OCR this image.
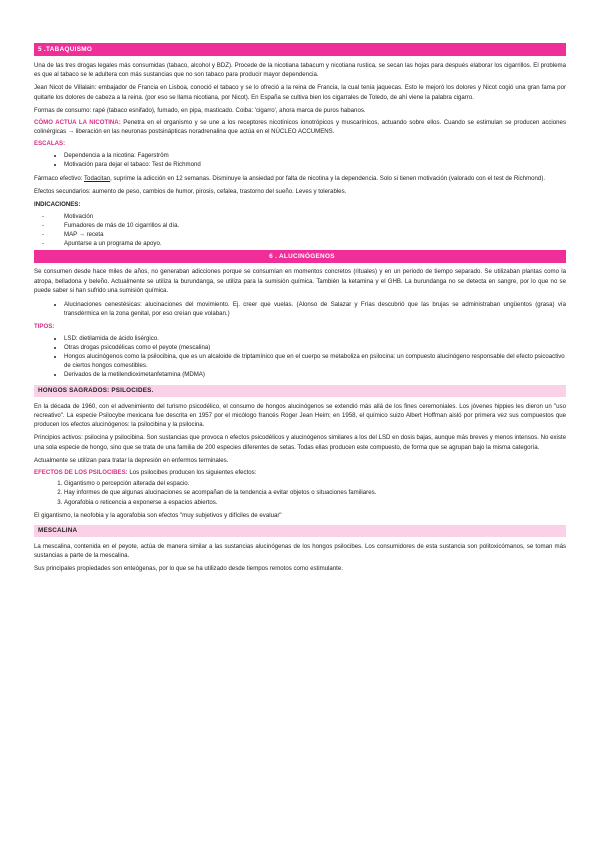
5 .TABAQUISMO

Una de las tres drogas legales más consumidas (tabaco, alcohol y BDZ). Procede de la nicotiana tabacum y nicotiana rustica, se secan las hojas para después elaborar los cigarrillos. El problema es que al tabaco se le adultera con más sustancias que no son tabaco para producir mayor dependencia.

Jean Nicot de Villalain: embajador de Francia en Lisboa, conoció el tabaco y se lo ofreció a la reina de Francia, la cual tenía jaquecas. Esto le mejoró los dolores y Nicot cogió una gran fama por quitarle los dolores de cabeza a la reina. (por eso se llama nicotiana, por Nicot). En España se cultiva bien los cigarrales de Toledo, de ahí viene la palabra cigarro.

Formas de consumo: rapé (tabaco esnifado), fumado, en pipa, masticado. Coiba: 'cigarro', ahora marca de puros habanos.

CÓMO ACTUA LA NICOTINA: Penetra en el organismo y se une a los receptores nicotínicos ionotrópicos y muscarínicos, actuando sobre ellos. Cuando se estimulan se producen acciones colinérgicas → liberación en las neuronas postsinápticas noradrenalina que actúa en el NÚCLEO ACCUMENS.

ESCALAS:

• Dependencia a la nicotina: Fagerström
• Motivación para dejar el tabaco: Test de Richmond

Fármaco efectivo: Todacitan, suprime la adicción en 12 semanas. Disminuye la ansiedad por falta de nicotina y la dependencia. Solo si tienen motivación (valorado con el test de Richmond).

Efectos secundarios: aumento de peso, cambios de humor, pirosis, cefalea, trastorno del sueño. Leves y tolerables.

INDICACIONES:

- Motivación
- Fumadores de más de 10 cigarrillos al día.
- MAP → receta
- Apuntarse a un programa de apoyo.
6 . ALUCINÓGENOS

Se consumen desde hace miles de años, no generaban adicciones porque se consumían en momentos concretos (rituales) y en un periodo de tiempo separado. Se utilizaban plantas como la atropa, belladona y beleño. Actualmente se utiliza la burundanga, se utiliza para la sumisión química. También la ketamina y el GHB. La burundanga no se detecta en sangre, por lo que no se puede saber si han sufrido una sumisión química.

• Alucinaciones cenestésicas: alucinaciones del movimiento. Ej. creer que vuelas. (Alonso de Salazar y Frías descubrió que las brujas se administraban ungüentos (grasa) vía transdérmica en la zona genital, por eso creían que volaban.)

TIPOS:

• LSD: dietilamida de ácido lisérgico.
• Otras drogas psicodélicas como el peyote (mescalina)
• Hongos alucinógenos como la psilocibina, que es un alcaloide de triptamínico que en el cuerpo se metaboliza en psilocina: un compuesto alucinógeno responsable del efecto psicoactivo de ciertos hongos comestibles.
• Derivados de la metilendioximetanfetamina (MDMA)
HONGOS SAGRADOS: PSILOCIDES.

En la década de 1960, con el advenimiento del turismo psicodélico, el consumo de hongos alucinógenos se extendió más allá de los fines ceremoniales. Los jóvenes hippies les dieron un "uso recreativo". La especie Psilocybe mexicana fue descrita en 1957 por el micólogo francés Roger Jean Heim; en 1958, el químico suizo Albert Hoffman aisló por primera vez sus compuestos que producen los efectos alucinógenos: la psilocibina y la psilocina.

Principios activos: psilocina y psilocibina. Son sustancias que provoca n efectos psicodélicos y alucinógenos similares a los del LSD en dosis bajas, aunque más breves y menos intensos. No existe una sola especie de hongo, sino que se trata de una familia de 200 especies diferentes de setas. Todas ellas producen este compuesto, de forma que se agrupan bajo la misma categoría.

Actualmente se utilizan para tratar la depresión en enfermos terminales.

EFECTOS DE LOS PSILOCIBES: Los psilocibes producen los siguientes efectos:

1. Gigantismo o percepción alterada del espacio.
2. Hay informes de que algunas alucinaciones se acompañan de la tendencia a evitar objetos o situaciones familiares.
3. Agorafobia o reticencia a exponerse a espacios abiertos.

El gigantismo, la neofobia y la agorafobia son efectos "muy subjetivos y difíciles de evaluar"

MESCALINA

La mescalina, contenida en el peyote, actúa de manera similar a las sustancias alucinógenas de los hongos psilocibes. Los consumidores de esta sustancia son politoxicómanos, se toman más sustancias a parte de la mescalina.

Sus principales propiedades son enteógenas, por lo que se ha utilizado desde tiempos remotos como estimulante.
